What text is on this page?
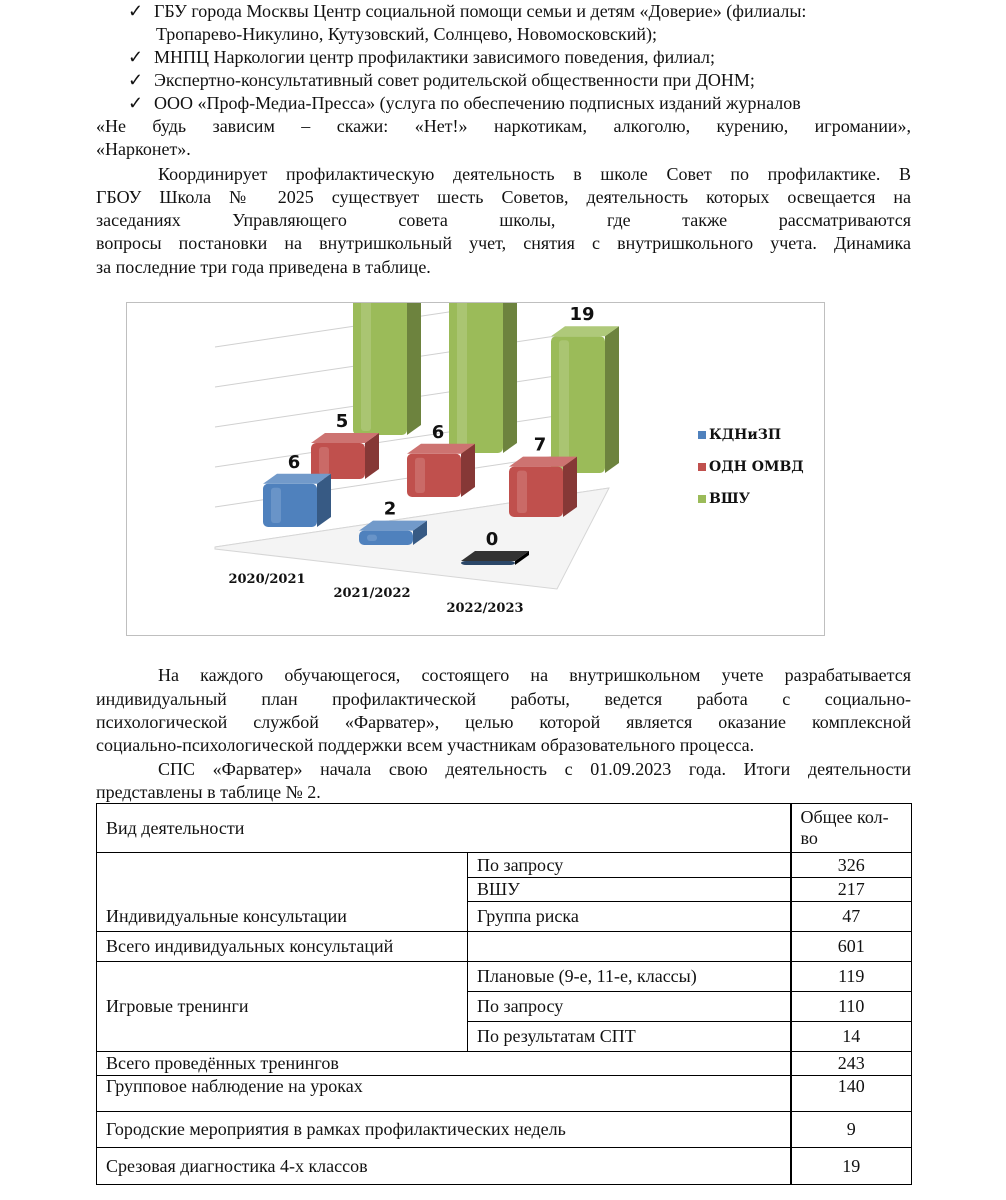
✓ ГБУ города Москвы Центр социальной помощи семьи и детям «Доверие» (филиалы:
Тропарево-Никулино, Кутузовский, Солнцево, Новомосковский);
✓ МНПЦ Наркологии центр профилактики зависимого поведения, филиал;
✓ Экспертно-консультативный совет родительской общественности при ДОНМ;
✓ ООО «Проф-Медиа-Пресса» (услуга по обеспечению подписных изданий журналов
«Не будь зависим – скажи: «Нет!» наркотикам, алкоголю, курению, игромании»,
«Нарконет».
Координирует профилактическую деятельность в школе Совет по профилактике. В
ГБОУ Школа № 2025 существует шесть Советов, деятельность которых освещается на
заседаниях Управляющего совета школы, где также рассматриваются
вопросы постановки на внутришкольный учет, снятия с внутришкольного учета. Динамика
за последние три года приведена в таблице.
19
5
6
7
6
2
0
2020/2021
2021/2022
2022/2023
КДНиЗП
ОДН ОМВД
ВШУ
На каждого обучающегося, состоящего на внутришкольном учете разрабатывается
индивидуальный план профилактической работы, ведется работа с социально-
психологической службой «Фарватер», целью которой является оказание комплексной
социально-психологической поддержки всем участникам образовательного процесса.
СПС «Фарватер» начала свою деятельность с 01.09.2023 года. Итоги деятельности
представлены в таблице № 2.
Вид деятельности		Общее кол-во
Индивидуальные консультации	По запросу	326
	ВШУ	217
	Группа риска	47
Всего индивидуальных консультаций		601
Игровые тренинги	Плановые (9-е, 11-е, классы)	119
	По запросу	110
	По результатам СПТ	14
Всего проведённых тренингов		243
Групповое наблюдение на уроках		140
Городские мероприятия в рамках профилактических недель		9
Срезовая диагностика 4-х классов		19
